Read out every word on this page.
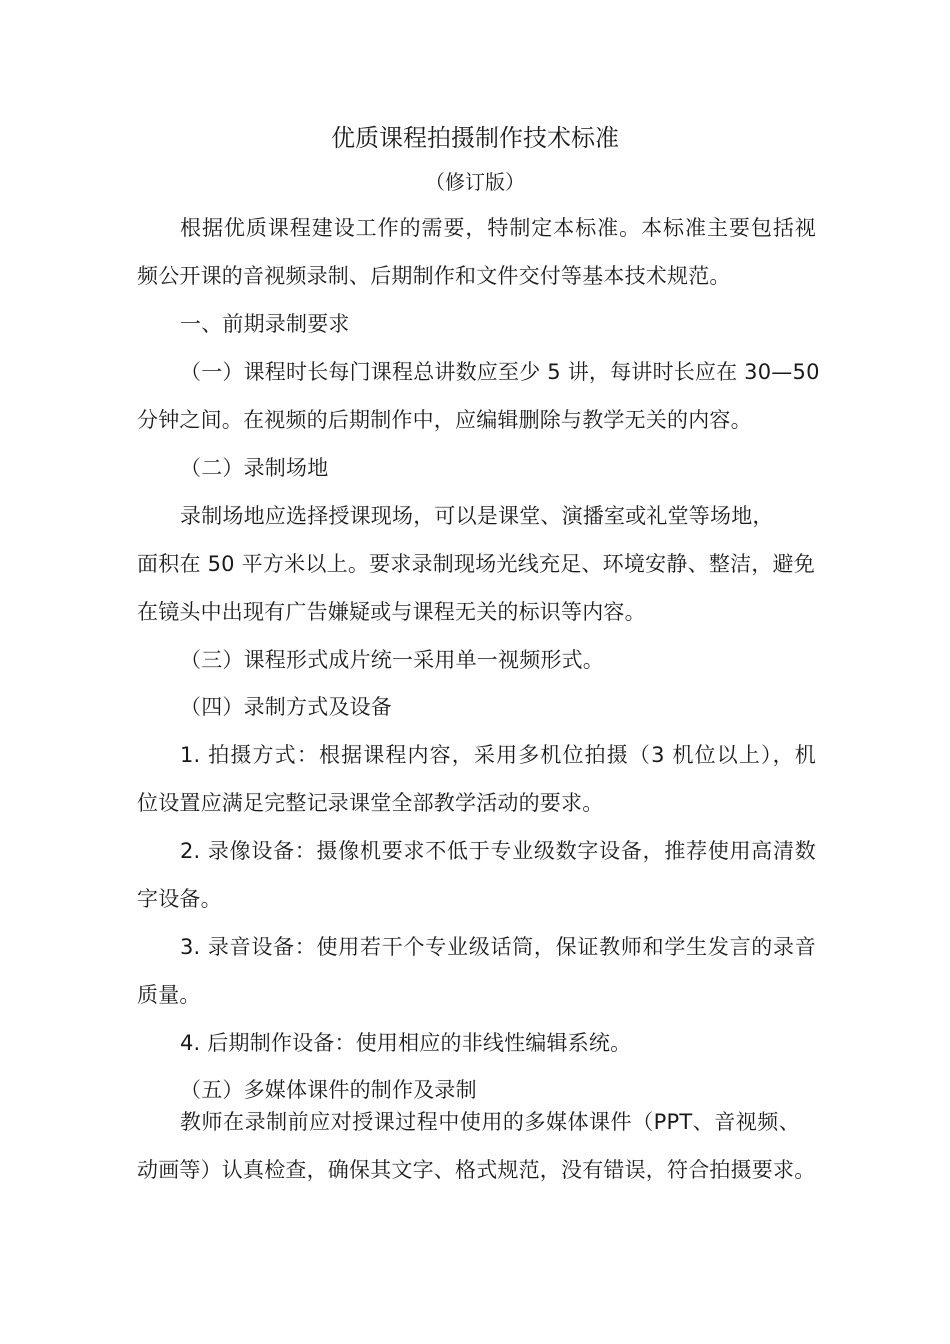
优质课程拍摄制作技术标准
（修订版）
根据优质课程建设工作的需要，特制定本标准。本标准主要包括视
频公开课的音视频录制、后期制作和文件交付等基本技术规范。
一、前期录制要求
（一）课程时长每门课程总讲数应至少 5 讲，每讲时长应在 30—50
分钟之间。在视频的后期制作中，应编辑删除与教学无关的内容。
（二）录制场地
录制场地应选择授课现场，可以是课堂、演播室或礼堂等场地，
面积在 50 平方米以上。要求录制现场光线充足、环境安静、整洁，避免
在镜头中出现有广告嫌疑或与课程无关的标识等内容。
（三）课程形式成片统一采用单一视频形式。
（四）录制方式及设备
1. 拍摄方式：根据课程内容，采用多机位拍摄（3 机位以上），机
位设置应满足完整记录课堂全部教学活动的要求。
2. 录像设备：摄像机要求不低于专业级数字设备，推荐使用高清数
字设备。
3. 录音设备：使用若干个专业级话筒，保证教师和学生发言的录音
质量。
4. 后期制作设备：使用相应的非线性编辑系统。
（五）多媒体课件的制作及录制
教师在录制前应对授课过程中使用的多媒体课件（PPT、音视频、
动画等）认真检查，确保其文字、格式规范，没有错误，符合拍摄要求。
